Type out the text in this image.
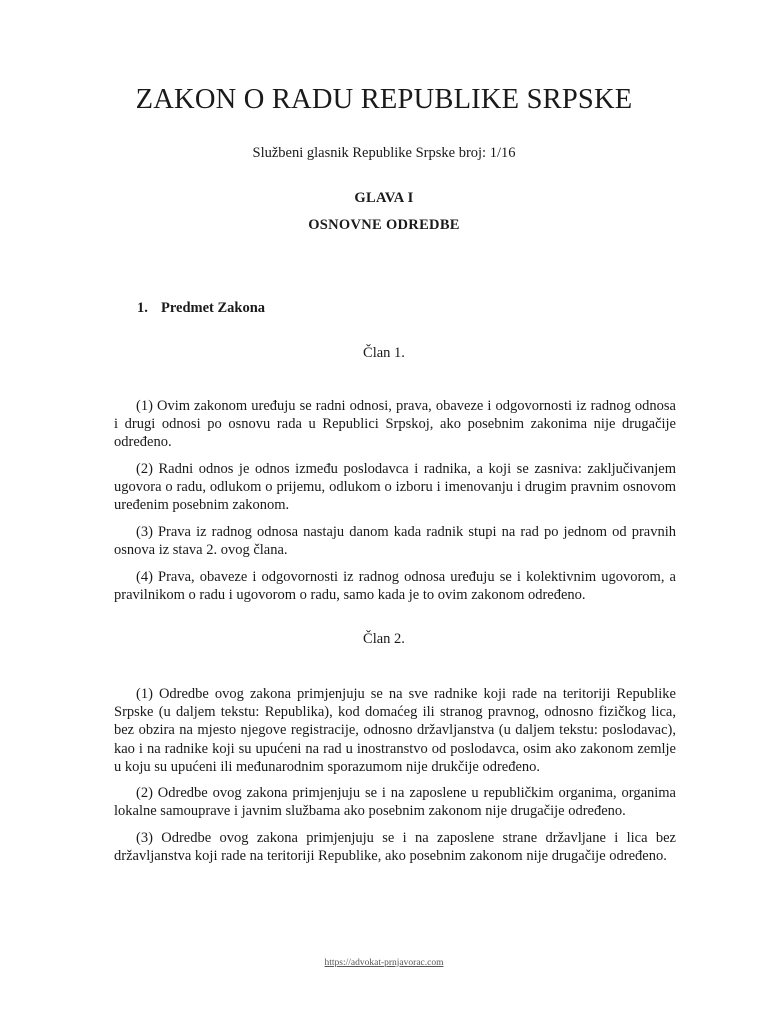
ZAKON O RADU REPUBLIKE SRPSKE
Službeni glasnik Republike Srpske broj: 1/16
GLAVA I
OSNOVNE ODREDBE
1. Predmet Zakona
Član 1.

(1) Ovim zakonom uređuju se radni odnosi, prava, obaveze i odgovornosti iz radnog odnosa i drugi odnosi po osnovu rada u Republici Srpskoj, ako posebnim zakonima nije drugačije određeno.

(2) Radni odnos je odnos između poslodavca i radnika, a koji se zasniva: zaključivanjem ugovora o radu, odlukom o prijemu, odlukom o izboru i imenovanju i drugim pravnim osnovom uređenim posebnim zakonom.

(3) Prava iz radnog odnosa nastaju danom kada radnik stupi na rad po jednom od pravnih osnova iz stava 2. ovog člana.

(4) Prava, obaveze i odgovornosti iz radnog odnosa uređuju se i kolektivnim ugovorom, a pravilnikom o radu i ugovorom o radu, samo kada je to ovim zakonom određeno.

Član 2.

(1) Odredbe ovog zakona primjenjuju se na sve radnike koji rade na teritoriji Republike Srpske (u daljem tekstu: Republika), kod domaćeg ili stranog pravnog, odnosno fizičkog lica, bez obzira na mjesto njegove registracije, odnosno državljanstva (u daljem tekstu: poslodavac), kao i na radnike koji su upućeni na rad u inostranstvo od poslodavca, osim ako zakonom zemlje u koju su upućeni ili međunarodnim sporazumom nije drukčije određeno.

(2) Odredbe ovog zakona primjenjuju se i na zaposlene u republičkim organima, organima lokalne samouprave i javnim službama ako posebnim zakonom nije drugačije određeno.

(3) Odredbe ovog zakona primjenjuju se i na zaposlene strane državljane i lica bez državljanstva koji rade na teritoriji Republike, ako posebnim zakonom nije drugačije određeno.

https://advokat-prnjavorac.com
